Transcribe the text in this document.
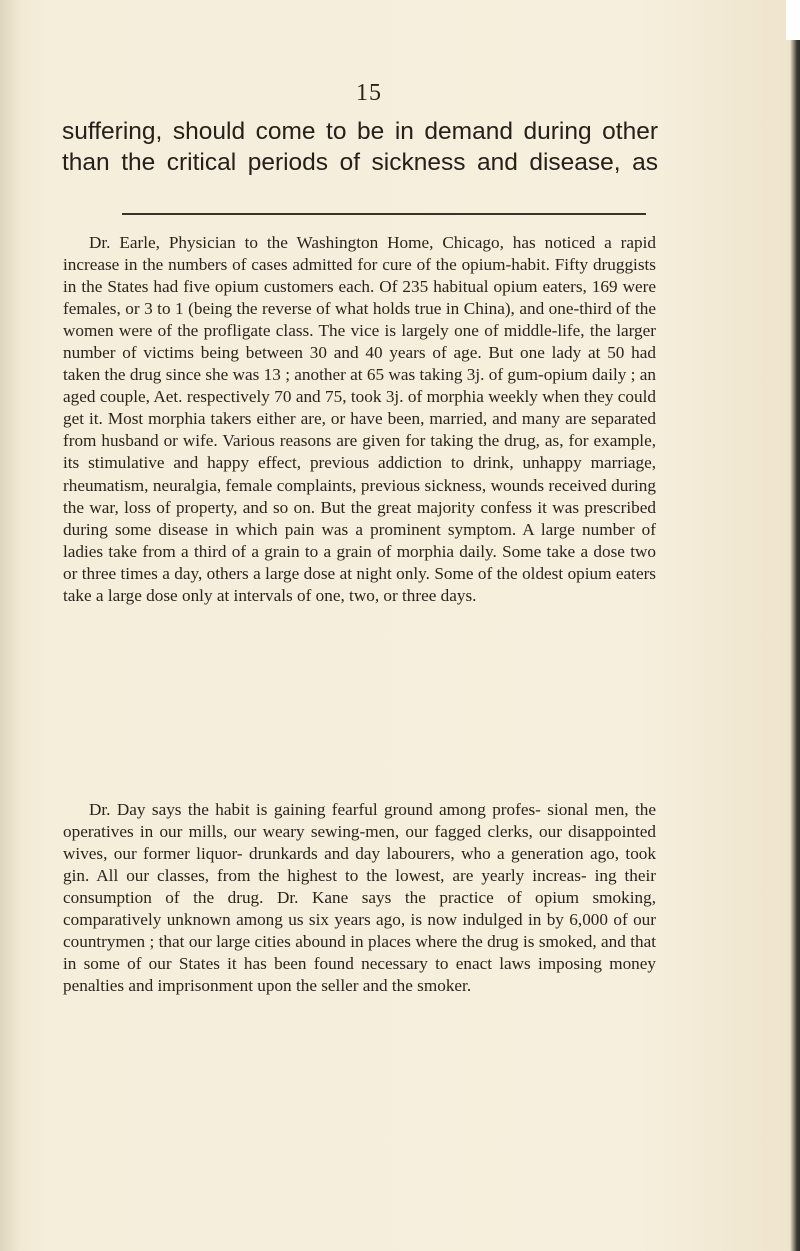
15
suffering, should come to be in demand during other than the critical periods of sickness and disease, as

Dr. Earle, Physician to the Washington Home, Chicago, has noticed a rapid increase in the numbers of cases admitted for cure of the opium-habit. Fifty druggists in the States had five opium customers each. Of 235 habitual opium eaters, 169 were females, or 3 to 1 (being the reverse of what holds true in China), and one-third of the women were of the profligate class. The vice is largely one of middle-life, the larger number of victims being between 30 and 40 years of age. But one lady at 50 had taken the drug since she was 13 ; another at 65 was taking 3j. of gum-opium daily ; an aged couple, Aet. respectively 70 and 75, took 3j. of morphia weekly when they could get it. Most morphia takers either are, or have been, married, and many are separated from husband or wife. Various reasons are given for taking the drug, as, for example, its stimulative and happy effect, previous addiction to drink, unhappy marriage, rheumatism, neuralgia, female complaints, previous sickness, wounds received during the war, loss of property, and so on. But the great majority confess it was prescribed during some disease in which pain was a prominent symptom. A large number of ladies take from a third of a grain to a grain of morphia daily. Some take a dose two or three times a day, others a large dose at night only. Some of the oldest opium eaters take a large dose only at intervals of one, two, or three days.

Dr. Day says the habit is gaining fearful ground among profes- sional men, the operatives in our mills, our weary sewing-men, our fagged clerks, our disappointed wives, our former liquor- drunkards and day labourers, who a generation ago, took gin. All our classes, from the highest to the lowest, are yearly increas- ing their consumption of the drug. Dr. Kane says the practice of opium smoking, comparatively unknown among us six years ago, is now indulged in by 6,000 of our countrymen ; that our large cities abound in places where the drug is smoked, and that in some of our States it has been found necessary to enact laws imposing money penalties and imprisonment upon the seller and the smoker.
